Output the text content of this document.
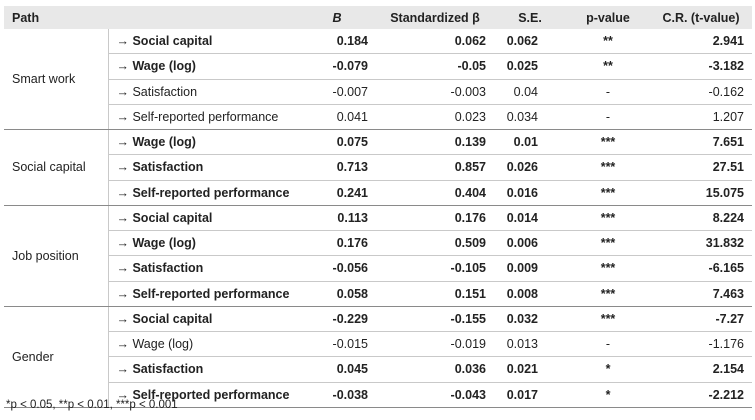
Path		B	Standardized β	S.E.	p-value	C.R. (t-value)
Smart work	→ Social capital	0.184	0.062	0.062	**	2.941
	→ Wage (log)	-0.079	-0.05	0.025	**	-3.182
	→ Satisfaction	-0.007	-0.003	0.04	-	-0.162
	→ Self-reported performance	0.041	0.023	0.034	-	1.207
Social capital	→ Wage (log)	0.075	0.139	0.01	***	7.651
	→ Satisfaction	0.713	0.857	0.026	***	27.51
	→ Self-reported performance	0.241	0.404	0.016	***	15.075
Job position	→ Social capital	0.113	0.176	0.014	***	8.224
	→ Wage (log)	0.176	0.509	0.006	***	31.832
	→ Satisfaction	-0.056	-0.105	0.009	***	-6.165
	→ Self-reported performance	0.058	0.151	0.008	***	7.463
Gender	→ Social capital	-0.229	-0.155	0.032	***	-7.27
	→ Wage (log)	-0.015	-0.019	0.013	-	-1.176
	→ Satisfaction	0.045	0.036	0.021	*	2.154
	→ Self-reported performance	-0.038	-0.043	0.017	*	-2.212
*p < 0.05, **p < 0.01, ***p < 0.001
